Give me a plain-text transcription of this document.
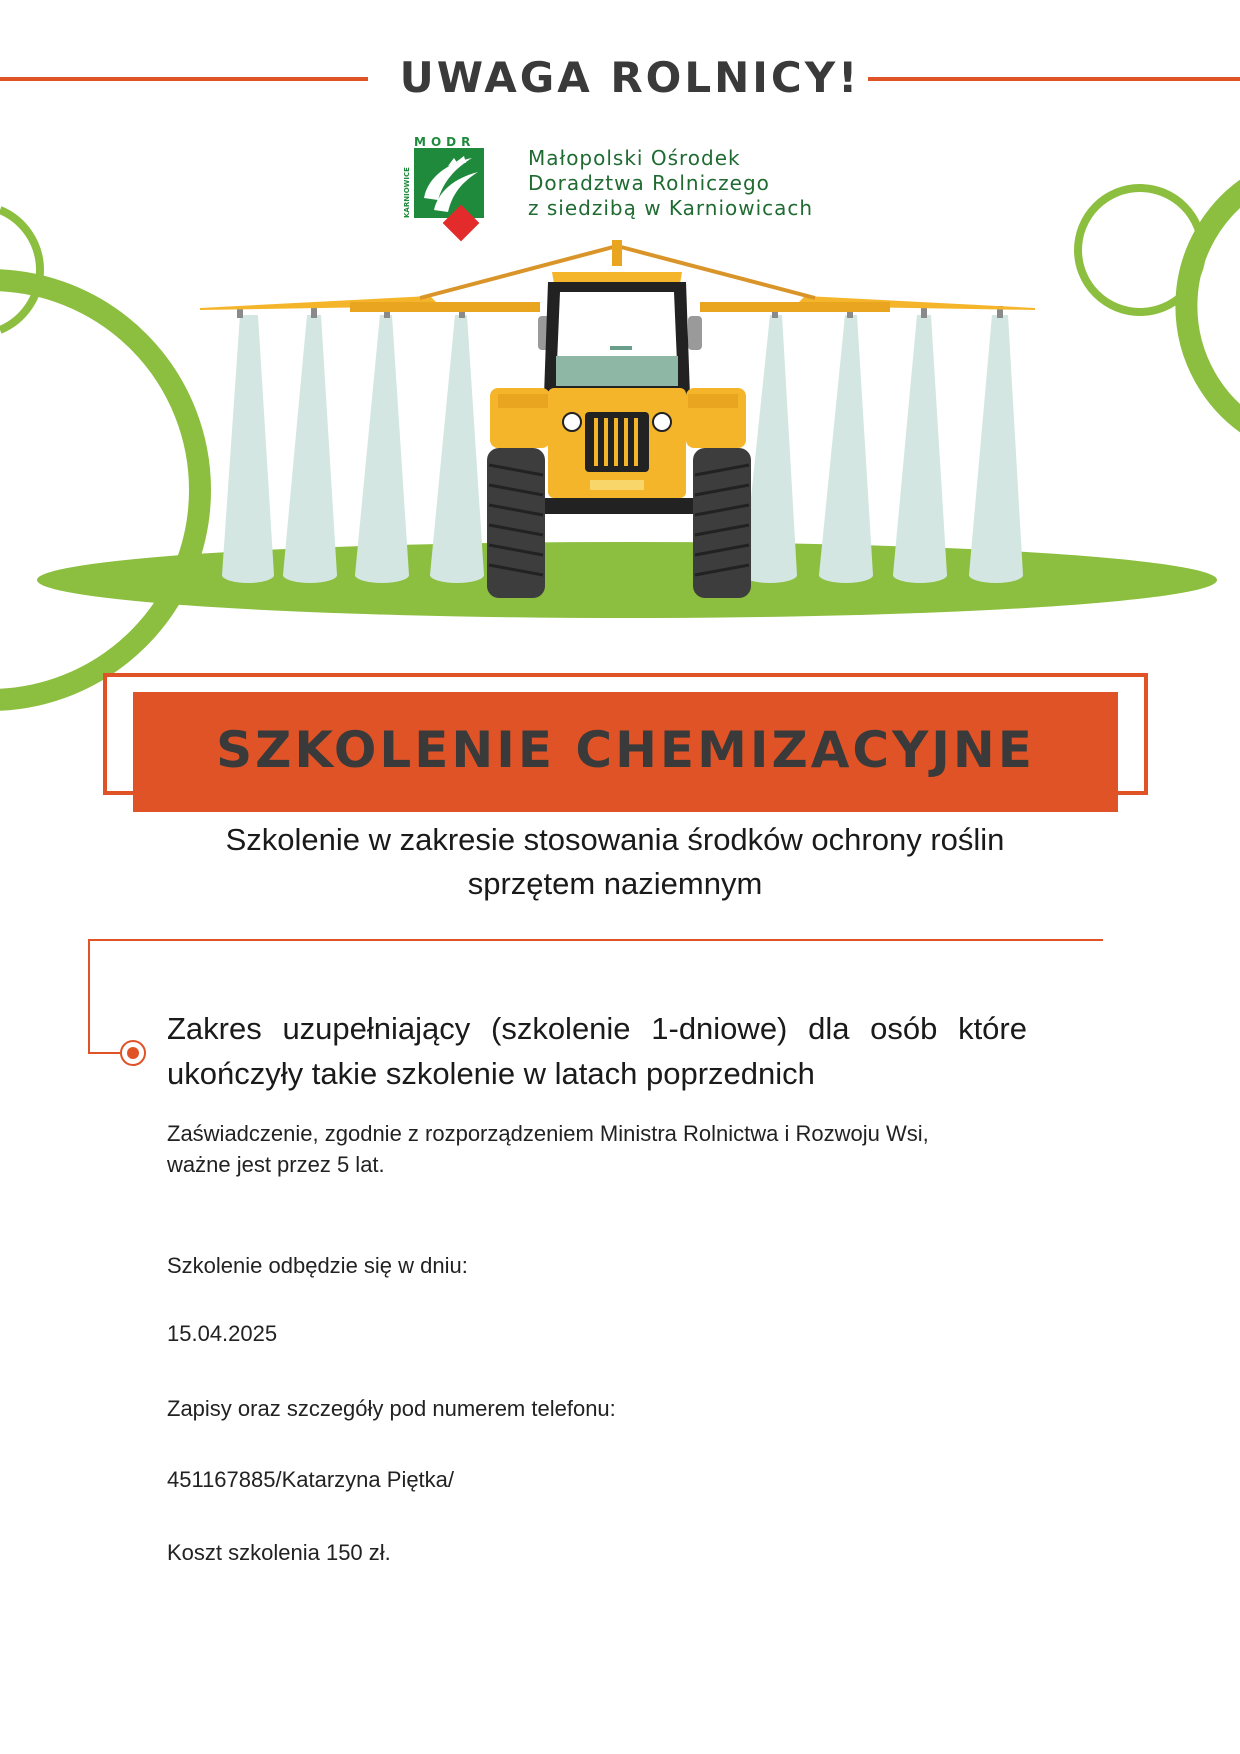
UWAGA ROLNICY!
MODR
KARNIOWICE
Małopolski Ośrodek
Doradztwa Rolniczego
z siedzibą w Karniowicach
SZKOLENIE CHEMIZACYJNE
Szkolenie w zakresie stosowania środków ochrony roślin
sprzętem naziemnym
Zakres uzupełniający (szkolenie 1-dniowe) dla osób które ukończyły takie szkolenie w latach poprzednich
Zaświadczenie, zgodnie z rozporządzeniem Ministra Rolnictwa i Rozwoju Wsi,
ważne jest przez 5 lat.
Szkolenie odbędzie się w dniu:
15.04.2025
Zapisy oraz szczegóły pod numerem telefonu:
451167885/Katarzyna Piętka/
Koszt szkolenia 150 zł.
